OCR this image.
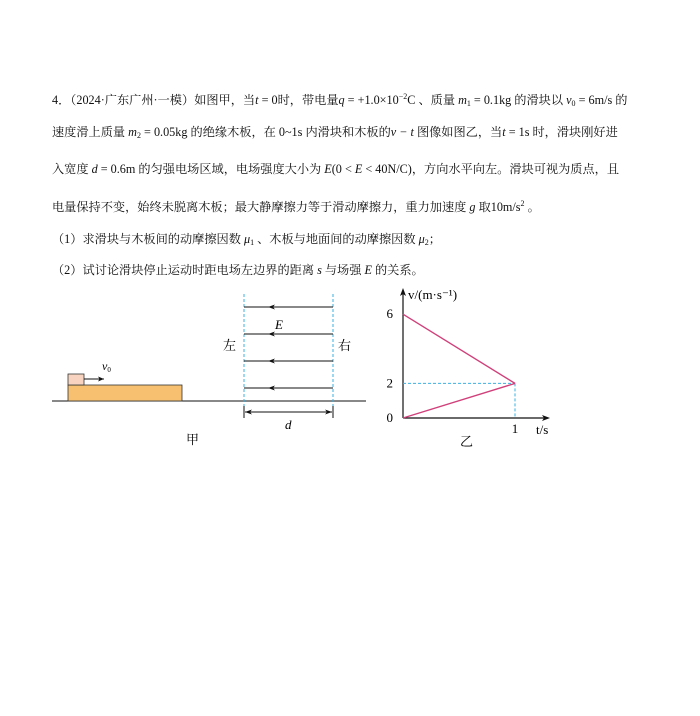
4．（2024·广东广州·一模）如图甲，当t = 0时，带电量$q = +1.0\times 10^{-2}C$ 、质量 $m_1 = 0.1kg$ 的滑块以 $v_0 = 6m/s$ 的
速度滑上质量 $m_2 = 0.05kg$ 的绝缘木板，在 0~1s 内滑块和木板的v − t 图像如图乙，当t = 1s 时，滑块刚好进
入宽度 d = 0.6m 的匀强电场区域，电场强度大小为 E(0 < E < 40N/C)，方向水平向左。滑块可视为质点，且
电量保持不变，始终未脱离木板；最大静摩擦力等于滑动摩擦力，重力加速度 g 取$10m/s^2$ 。
（1）求滑块与木板间的动摩擦因数 $\mu_1$ 、木板与地面间的动摩擦因数 $\mu_2$；
（2）试讨论滑块停止运动时距电场左边界的距离 s 与场强 E 的关系。
v0
E
左	右
d
甲
v/(m·s⁻¹)
t/s
0
2
6
1
乙
